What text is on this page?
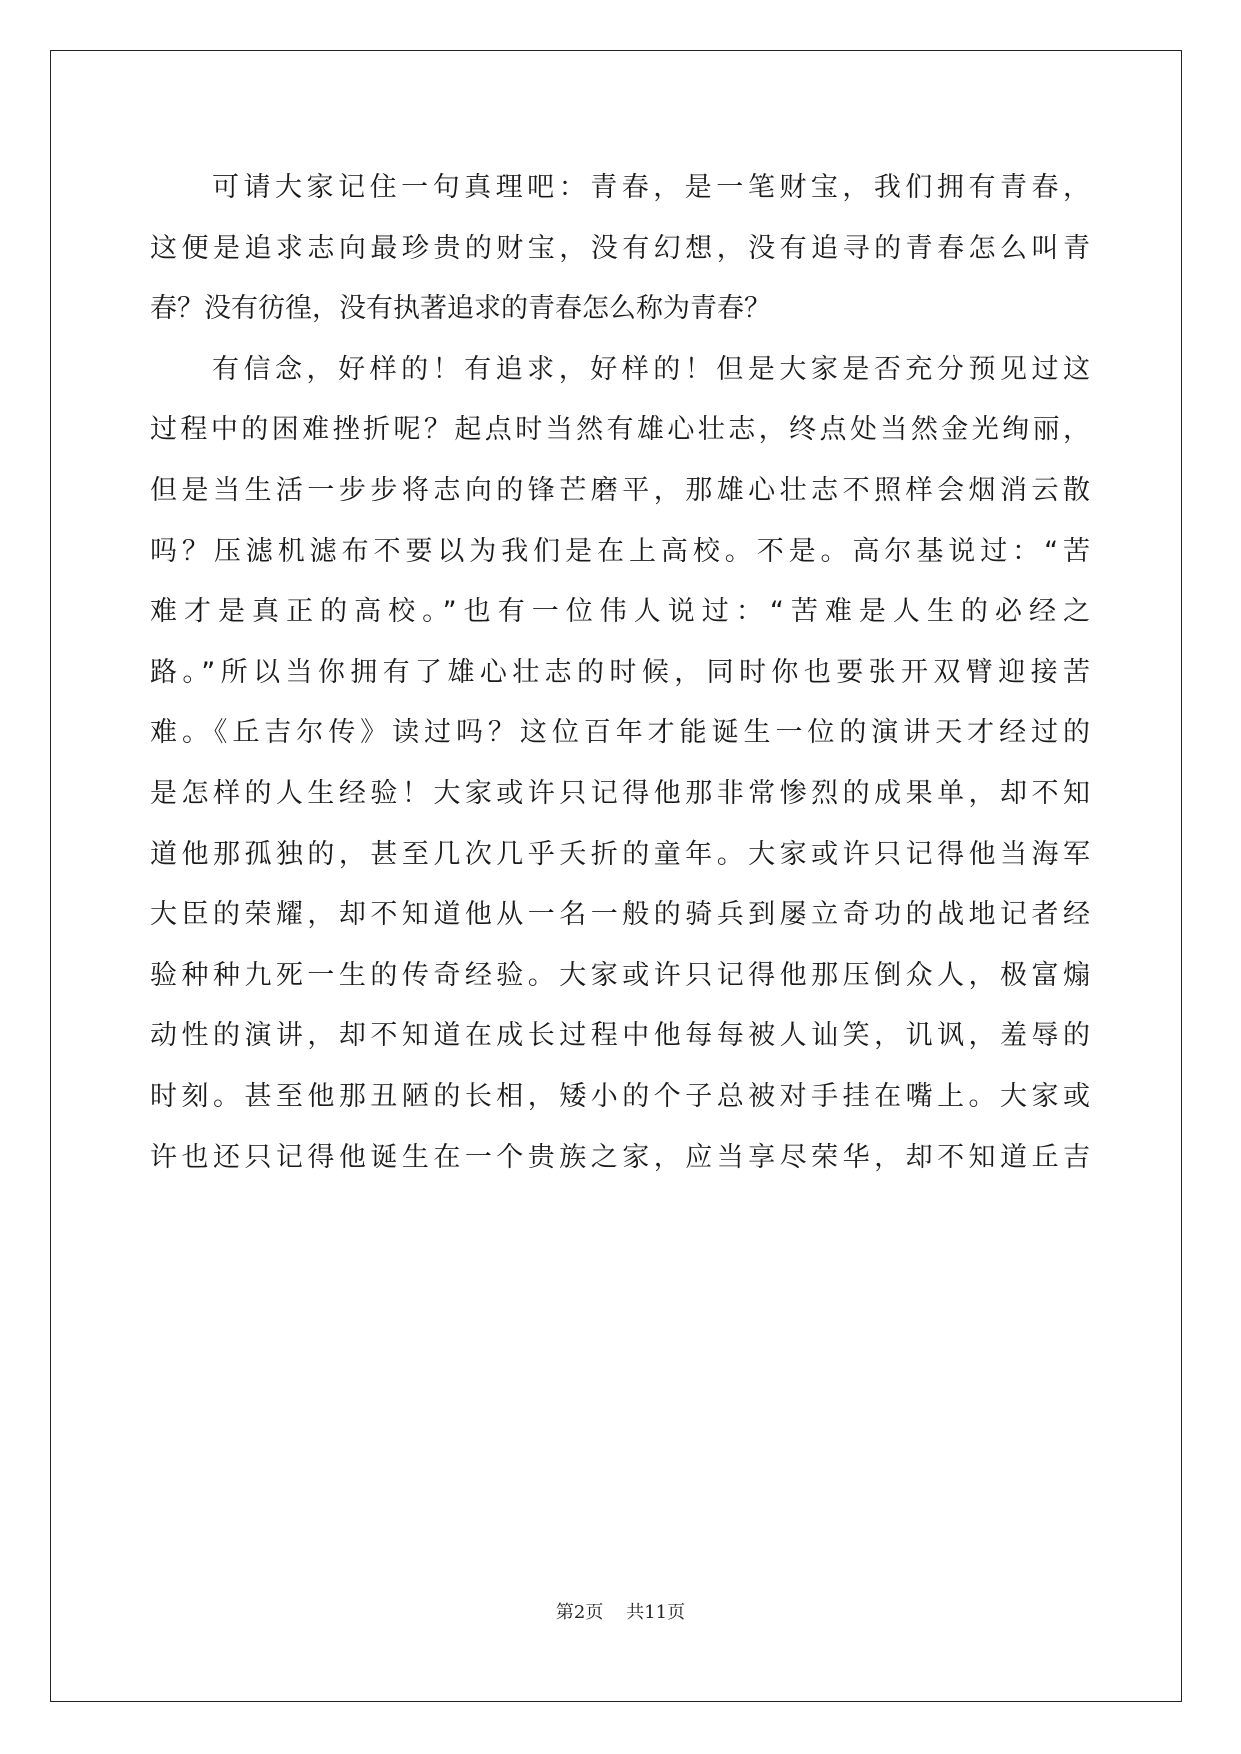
可请大家记住一句真理吧：青春，是一笔财宝，我们拥有青春，
这便是追求志向最珍贵的财宝，没有幻想，没有追寻的青春怎么叫青
春？没有彷徨，没有执著追求的青春怎么称为青春？
有信念，好样的！有追求，好样的！但是大家是否充分预见过这
过程中的困难挫折呢？起点时当然有雄心壮志，终点处当然金光绚丽，
但是当生活一步步将志向的锋芒磨平，那雄心壮志不照样会烟消云散
吗？压滤机滤布不要以为我们是在上高校。不是。高尔基说过：“苦
难才是真正的高校。”也有一位伟人说过：“苦难是人生的必经之
路。”所以当你拥有了雄心壮志的时候，同时你也要张开双臂迎接苦
难。《丘吉尔传》读过吗？这位百年才能诞生一位的演讲天才经过的
是怎样的人生经验！大家或许只记得他那非常惨烈的成果单，却不知
道他那孤独的，甚至几次几乎夭折的童年。大家或许只记得他当海军
大臣的荣耀，却不知道他从一名一般的骑兵到屡立奇功的战地记者经
验种种九死一生的传奇经验。大家或许只记得他那压倒众人，极富煽
动性的演讲，却不知道在成长过程中他每每被人讪笑，讥讽，羞辱的
时刻。甚至他那丑陋的长相，矮小的个子总被对手挂在嘴上。大家或
许也还只记得他诞生在一个贵族之家，应当享尽荣华，却不知道丘吉
第2页 共11页
